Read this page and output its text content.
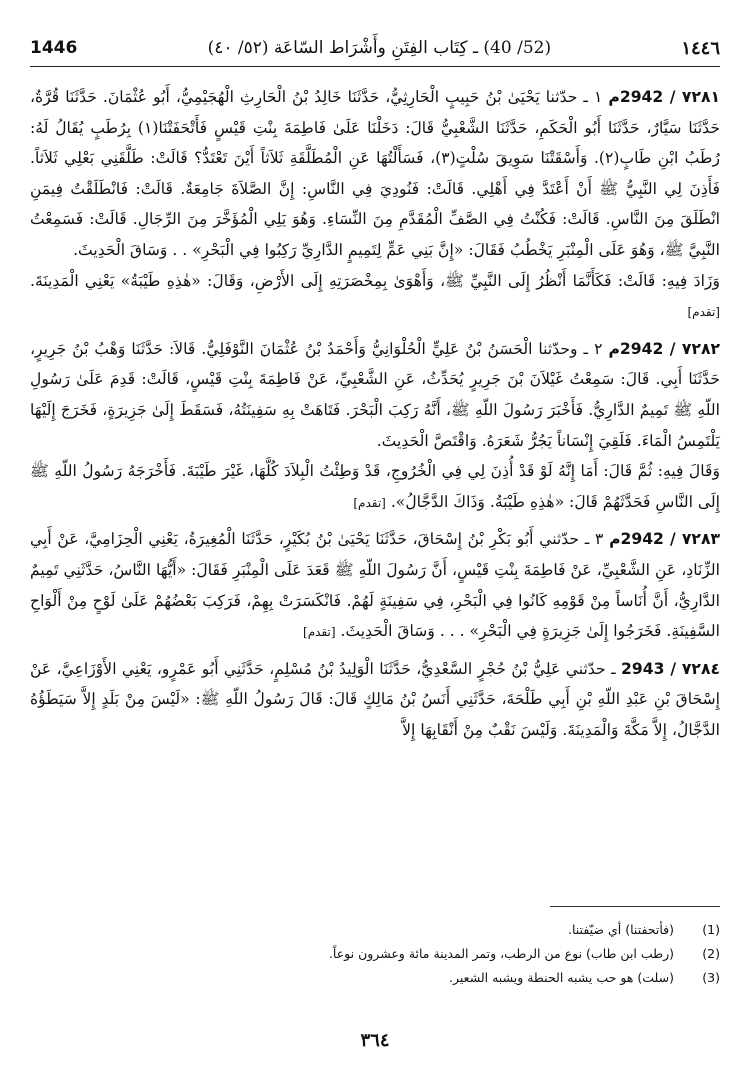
1446	(52/ 40) ـ كِتَاب الفِتَنِ وأَشْرَاط السّاعَة (٥٢/ ٤٠)	١٤٤٦

٧٢٨١ / 2942م ١ ـ حدّثنا يَحْيَىٰ بْنُ حَبِيبٍ الْحَارِثِيُّ، حَدَّثَنَا خَالِدُ بْنُ الْحَارِثِ الْهُجَيْمِيُّ، أَبُو عُثْمَانَ. حَدَّثَنَا قُرَّةُ، حَدَّثَنَا سَيَّارٌ، حَدَّثَنَا أَبُو الْحَكَمِ، حَدَّثَنَا الشَّعْبِيُّ قَالَ: دَخَلْنَا عَلَىٰ فَاطِمَةَ بِنْتِ قَيْسٍ فَأَتْحَفَتْنَا(١) بِرُطَبٍ يُقَالُ لَهُ: رُطَبُ ابْنِ طَابٍ(٢). وَأَسْقَتْنَا سَوِيقَ سُلْتٍ(٣)، فَسَأَلْتُهَا عَنِ الْمُطَلَّقَةِ ثَلاَثاً أَيْنَ تَعْتَدُّ؟ قَالَتْ: طَلَّقَنِي بَعْلِي ثَلاَثاً. فَأَذِنَ لِي النَّبِيُّ ﷺ أَنْ أَعْتَدَّ فِي أَهْلِي. قَالَتْ: فَنُودِيَ فِي النَّاسِ: إِنَّ الصَّلاَةَ جَامِعَةٌ. قَالَتْ: فَانْطَلَقْتُ فِيمَنِ انْطَلَقَ مِنَ النَّاسِ. قَالَتْ: فَكُنْتُ فِي الصَّفِّ الْمُقَدَّمِ مِنَ النِّسَاءِ. وَهُوَ يَلِي الْمُؤَخَّرَ مِنَ الرِّجَالِ. قَالَتْ: فَسَمِعْتُ النَّبِيَّ ﷺ، وَهُوَ عَلَى الْمِنْبَرِ يَخْطُبُ فَقَالَ: «إِنَّ بَنِي عَمٍّ لِتَمِيمٍ الدَّارِيِّ رَكِبُوا فِي الْبَحْرِ» . . وَسَاقَ الْحَدِيثَ.

وَزَادَ فِيهِ: قَالَتْ: فَكَأَنَّمَا أَنْظُرُ إِلَى النَّبِيِّ ﷺ، وَأَهْوَىٰ بِمِخْصَرَتِهِ إِلَى الأَرْضِ، وَقَالَ: «هٰذِهِ طَيْبَةُ» يَعْنِي الْمَدِينَةَ. [تقدم]

٧٢٨٢ / 2942م ٢ ـ وحدّثنا الْحَسَنُ بْنُ عَلِيٍّ الْحُلْوَانِيُّ وَأَحْمَدُ بْنُ عُثْمَانَ النَّوْفَلِيُّ. قَالاَ: حَدَّثَنَا وَهْبُ بْنُ جَرِيرٍ، حَدَّثَنَا أَبِي. قَالَ: سَمِعْتُ غَيْلاَنَ بْنَ جَرِيرٍ يُحَدِّثُ، عَنِ الشَّعْبِيِّ، عَنْ فَاطِمَةَ بِنْتِ قَيْسٍ، قَالَتْ: قَدِمَ عَلَىٰ رَسُولِ اللّهِ ﷺ تَمِيمٌ الدَّارِيُّ. فَأَخْبَرَ رَسُولَ اللّهِ ﷺ، أَنَّهُ رَكِبَ الْبَحْرَ. فَتَاهَتْ بِهِ سَفِينَتُهُ، فَسَقَطَ إِلَىٰ جَزِيرَةٍ، فَخَرَجَ إِلَيْهَا يَلْتَمِسُ الْمَاءَ. فَلَقِيَ إِنْسَاناً يَجُرُّ شَعَرَهُ. وَاقْتَصَّ الْحَدِيثَ.

وَقَالَ فِيهِ: ثُمَّ قَالَ: أَمَا إِنَّهُ لَوْ قَدْ أُذِنَ لِي فِي الْخُرُوجِ، قَدْ وَطِئْتُ الْبِلاَدَ كُلَّهَا، غَيْرَ طَيْبَةَ. فَأَخْرَجَهُ رَسُولُ اللّهِ ﷺ إِلَى النَّاسِ فَحَدَّثَهُمْ قَالَ: «هٰذِهِ طَيْبَةُ. وَذَاكَ الدَّجَّالُ». [تقدم]

٧٢٨٣ / 2942م ٣ ـ حدّثني أَبُو بَكْرِ بْنُ إِسْحَاقَ، حَدَّثَنَا يَحْيَىٰ بْنُ بُكَيْرٍ، حَدَّثَنَا الْمُغِيرَةُ، يَعْنِي الْحِزَامِيَّ، عَنْ أَبِي الزِّنَادِ، عَنِ الشَّعْبِيِّ، عَنْ فَاطِمَةَ بِنْتِ قَيْسٍ، أَنَّ رَسُولَ اللّهِ ﷺ قَعَدَ عَلَى الْمِنْبَرِ فَقَالَ: «أَيُّهَا النَّاسُ، حَدَّثَنِي تَمِيمٌ الدَّارِيُّ، أَنَّ أُنَاساً مِنْ قَوْمِهِ كَانُوا فِي الْبَحْرِ، فِي سَفِينَةٍ لَهُمْ. فَانْكَسَرَتْ بِهِمْ، فَرَكِبَ بَعْضُهُمْ عَلَىٰ لَوْحٍ مِنْ أَلْوَاحِ السَّفِينَةِ. فَخَرَجُوا إِلَىٰ جَزِيرَةٍ فِي الْبَحْرِ» . . . وَسَاقَ الْحَدِيثَ. [تقدم]

٧٢٨٤ / 2943 ـ حدّثني عَلِيُّ بْنُ حُجْرٍ السَّعْدِيُّ، حَدَّثَنَا الْوَلِيدُ بْنُ مُسْلِمٍ، حَدَّثَنِي أَبُو عَمْرٍو، يَعْنِي الأَوْزَاعِيَّ، عَنْ إِسْحَاقَ بْنِ عَبْدِ اللّهِ بْنِ أَبِي طَلْحَةَ، حَدَّثَنِي أَنَسُ بْنُ مَالِكٍ قَالَ: قَالَ رَسُولُ اللّهِ ﷺ: «لَيْسَ مِنْ بَلَدٍ إِلاَّ سَيَطَؤُهُ الدَّجَّالُ، إِلاَّ مَكَّةَ وَالْمَدِينَةَ. وَلَيْسَ نَقْبٌ مِنْ أَنْقَابِهَا إِلاَّ

(1)
(فأتحفتنا) أي ضيّفتنا.
(2)
(رطب ابن طاب) نوع من الرطب، وتمر المدينة مائة وعشرون نوعاً.
(3)
(سلت) هو حب يشبه الحنطة ويشبه الشعير.
٣٦٤
